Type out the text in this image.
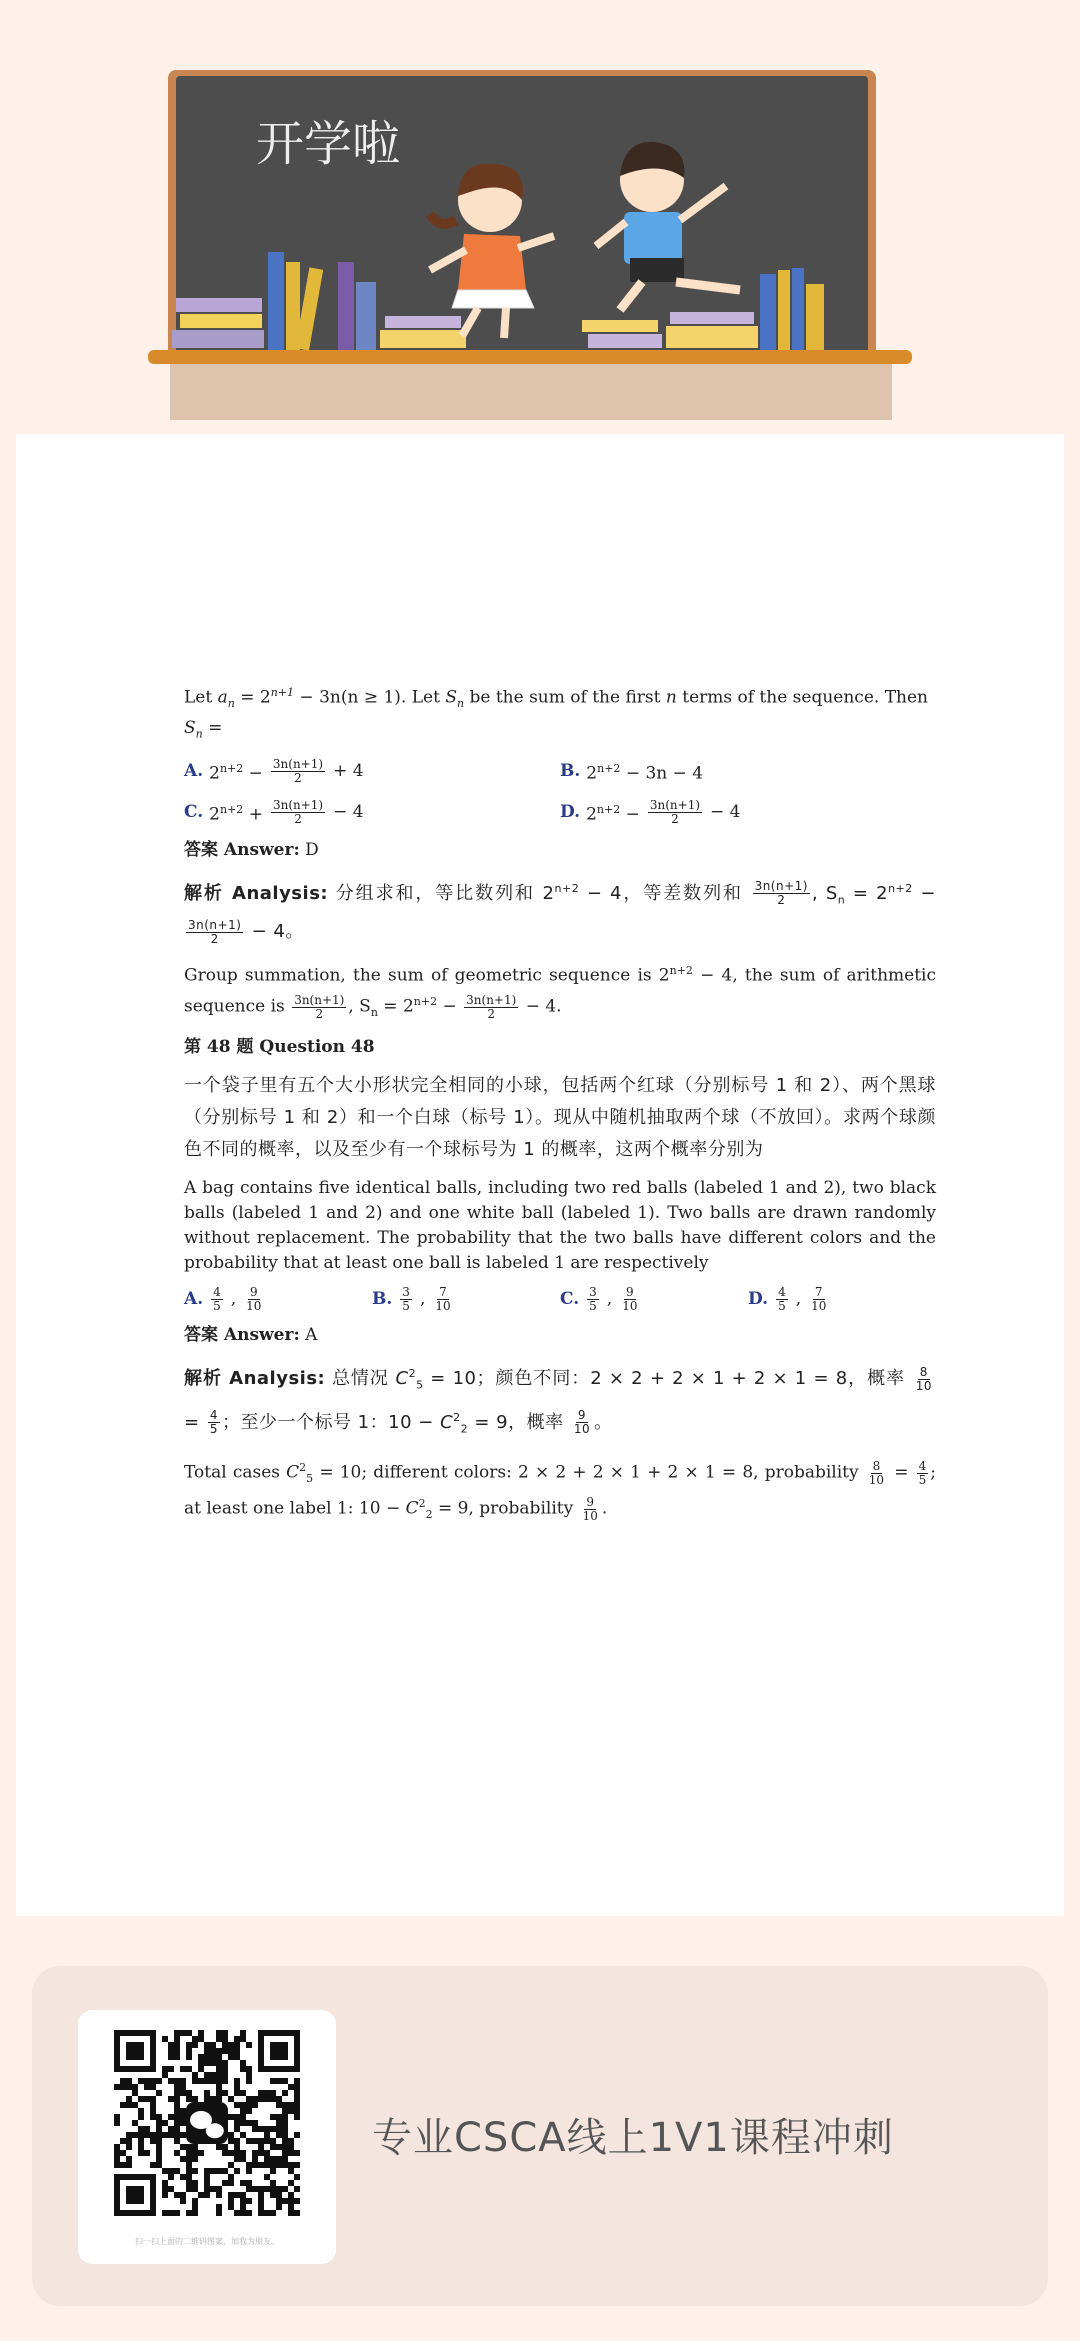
开学啦
Let $a_n = 2^{n+1} - 3n(n \ge 1)$. Let $S_n$ be the sum of the first n terms of the sequence. Then
$S_n$ =
A. $2^{n+2} - \frac{3n(n+1)}{2} + 4$	B. $2^{n+2} - 3n - 4$
C. $2^{n+2} + \frac{3n(n+1)}{2} - 4$	D. $2^{n+2} - \frac{3n(n+1)}{2} - 4$
答案 Answer: D
解析 Analysis: 分组求和，等比数列和 $2^{n+2} - 4$，等差数列和 $\frac{3n(n+1)}{2}$ , $S_n = 2^{n+2}$ −
$\frac{3n(n+1)}{2} - 4$。
Group summation, the sum of geometric sequence is $2^{n+2} - 4$, the sum of arithmetic sequence is $\frac{3n(n+1)}{2}$ , $S_n = 2^{n+2} - \frac{3n(n+1)}{2} - 4$.
第 48 题 Question 48
一个袋子里有五个大小形状完全相同的小球，包括两个红球（分别标号 1 和 2）、两个黑球（分别标号 1 和 2）和一个白球（标号 1）。现从中随机抽取两个球（不放回）。求两个球颜色不同的概率，以及至少有一个球标号为 1 的概率，这两个概率分别为
A bag contains five identical balls, including two red balls (labeled 1 and 2), two black balls (labeled 1 and 2) and one white ball (labeled 1). Two balls are drawn randomly without replacement. The probability that the two balls have different colors and the probability that at least one ball is labeled 1 are respectively
A. $\frac{4}{5}$ , $\frac{9}{10}$	B. $\frac{3}{5}$ , $\frac{7}{10}$	C. $\frac{3}{5}$ , $\frac{9}{10}$	D. $\frac{4}{5}$ , $\frac{7}{10}$
答案 Answer: A
解析 Analysis: 总情况 $C^2_5 = 10$；颜色不同：2 × 2 + 2 × 1 + 2 × 1 = 8，概率 $\frac{8}{10}$
= $\frac{4}{5}$ ；至少一个标号 1：$10 - C^2_2 = 9$，概率 $\frac{9}{10}$ 。
Total cases $C^2_5 = 10$; different colors: 2 × 2 + 2 × 1 + 2 × 1 = 8, probability $\frac{8}{10} = \frac{4}{5}$ ; at least one label 1: $10 - C^2_2 = 9$, probability $\frac{9}{10}$ .
扫一扫上面的二维码图案，加我为朋友。
专业CSCA线上1V1课程冲刺
